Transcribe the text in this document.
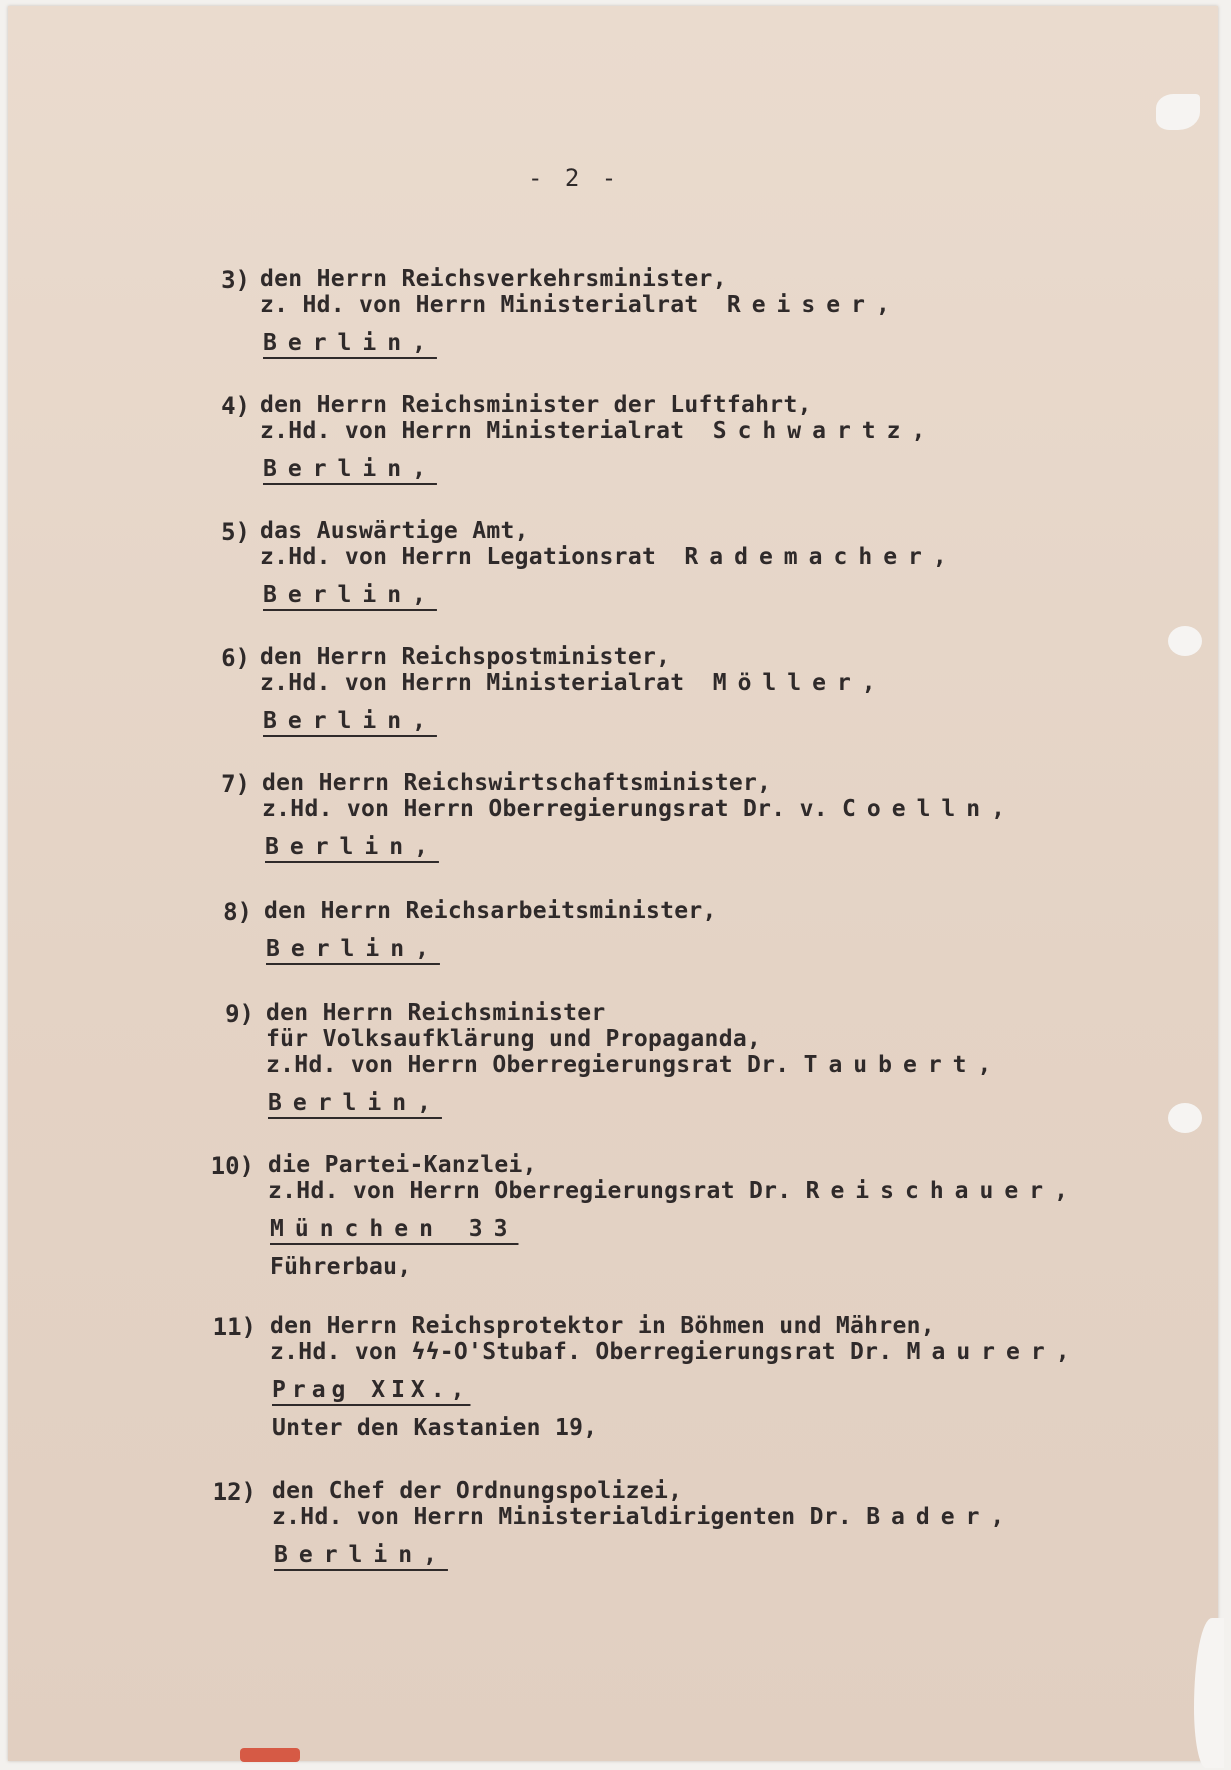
- 2 -
3) den Herrn Reichsverkehrsminister,
z. Hd. von Herrn Ministerialrat  Reiser,
Berlin,
4) den Herrn Reichsminister der Luftfahrt,
z.Hd. von Herrn Ministerialrat  Schwartz,
Berlin,
5) das Auswärtige Amt,
z.Hd. von Herrn Legationsrat  Rademacher,
Berlin,
6) den Herrn Reichspostminister,
z.Hd. von Herrn Ministerialrat  Möller,
Berlin,
7) den Herrn Reichswirtschaftsminister,
z.Hd. von Herrn Oberregierungsrat Dr. v. Coelln,
Berlin,
8) den Herrn Reichsarbeitsminister,
Berlin,
9) den Herrn Reichsminister
für Volksaufklärung und Propaganda,
z.Hd. von Herrn Oberregierungsrat Dr. Taubert,
Berlin,
10) die Partei-Kanzlei,
z.Hd. von Herrn Oberregierungsrat Dr. Reischauer,
München 33
Führerbau,
11) den Herrn Reichsprotektor in Böhmen und Mähren,
z.Hd. von ϟϟ-O'Stubaf. Oberregierungsrat Dr. Maurer,
Prag XIX.,
Unter den Kastanien 19,
12) den Chef der Ordnungspolizei,
z.Hd. von Herrn Ministerialdirigenten Dr. Bader,
Berlin,
